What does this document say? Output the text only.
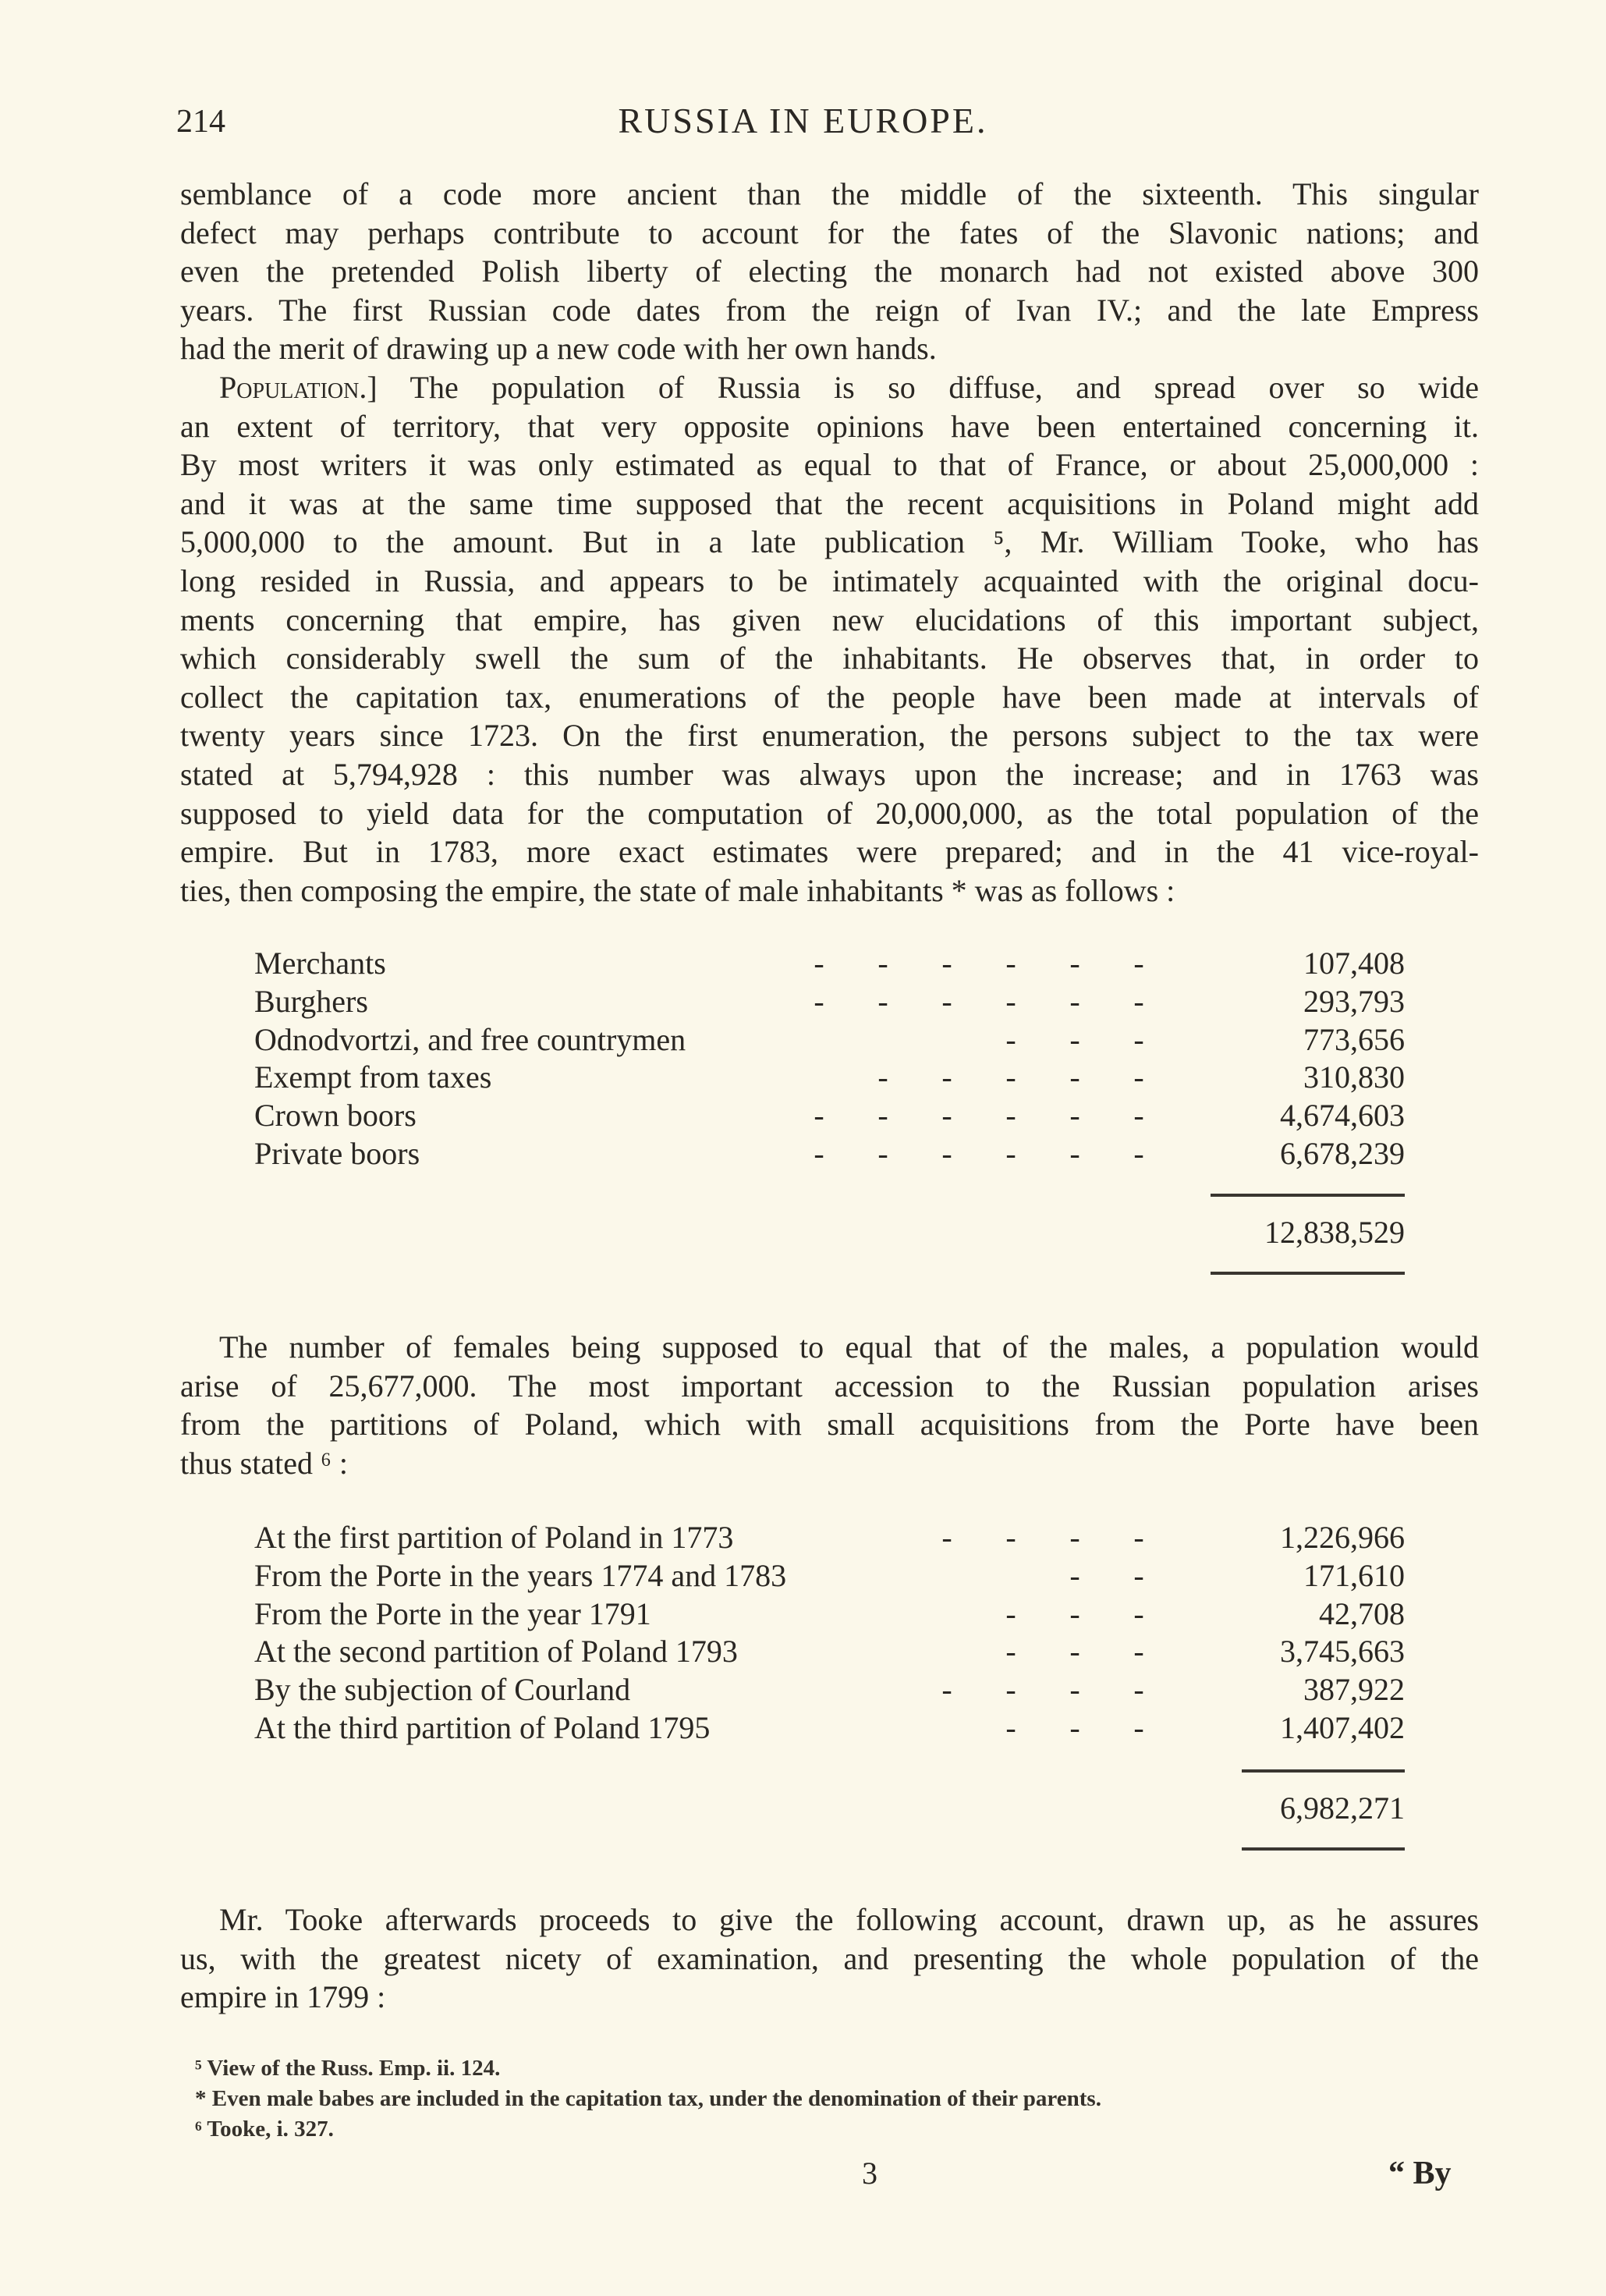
214	RUSSIA IN EUROPE.
semblance of a code more ancient than the middle of the sixteenth. This singular
defect may perhaps contribute to account for the fates of the Slavonic nations; and
even the pretended Polish liberty of electing the monarch had not existed above 300
years. The first Russian code dates from the reign of Ivan IV.; and the late Empress
had the merit of drawing up a new code with her own hands.
Population.] The population of Russia is so diffuse, and spread over so wide
an extent of territory, that very opposite opinions have been entertained concerning it.
By most writers it was only estimated as equal to that of France, or about 25,000,000 :
and it was at the same time supposed that the recent acquisitions in Poland might add
5,000,000 to the amount. But in a late publication ⁵, Mr. William Tooke, who has
long resided in Russia, and appears to be intimately acquainted with the original docu-
ments concerning that empire, has given new elucidations of this important subject,
which considerably swell the sum of the inhabitants. He observes that, in order to
collect the capitation tax, enumerations of the people have been made at intervals of
twenty years since 1723. On the first enumeration, the persons subject to the tax were
stated at 5,794,928 : this number was always upon the increase; and in 1763 was
supposed to yield data for the computation of 20,000,000, as the total population of the
empire. But in 1783, more exact estimates were prepared; and in the 41 vice-royal-
ties, then composing the empire, the state of male inhabitants * was as follows :
Merchants	- - - - - -	107,408
Burghers	- - - - - -	293,793
Odnodvortzi, and free countrymen	- - -	773,656
Exempt from taxes	- - - - -	310,830
Crown boors	- - - - - -	4,674,603
Private boors	- - - - - -	6,678,239
12,838,529
The number of females being supposed to equal that of the males, a population would
arise of 25,677,000. The most important accession to the Russian population arises
from the partitions of Poland, which with small acquisitions from the Porte have been
thus stated ⁶ :
At the first partition of Poland in 1773	- - - -	1,226,966
From the Porte in the years 1774 and 1783	- -	171,610
From the Porte in the year 1791	- - -	42,708
At the second partition of Poland 1793	- - -	3,745,663
By the subjection of Courland	- - - -	387,922
At the third partition of Poland 1795	- - -	1,407,402
6,982,271
Mr. Tooke afterwards proceeds to give the following account, drawn up, as he assures
us, with the greatest nicety of examination, and presenting the whole population of the
empire in 1799 :
⁵ View of the Russ. Emp. ii. 124.
* Even male babes are included in the capitation tax, under the denomination of their parents.
⁶ Tooke, i. 327.
3	“ By
